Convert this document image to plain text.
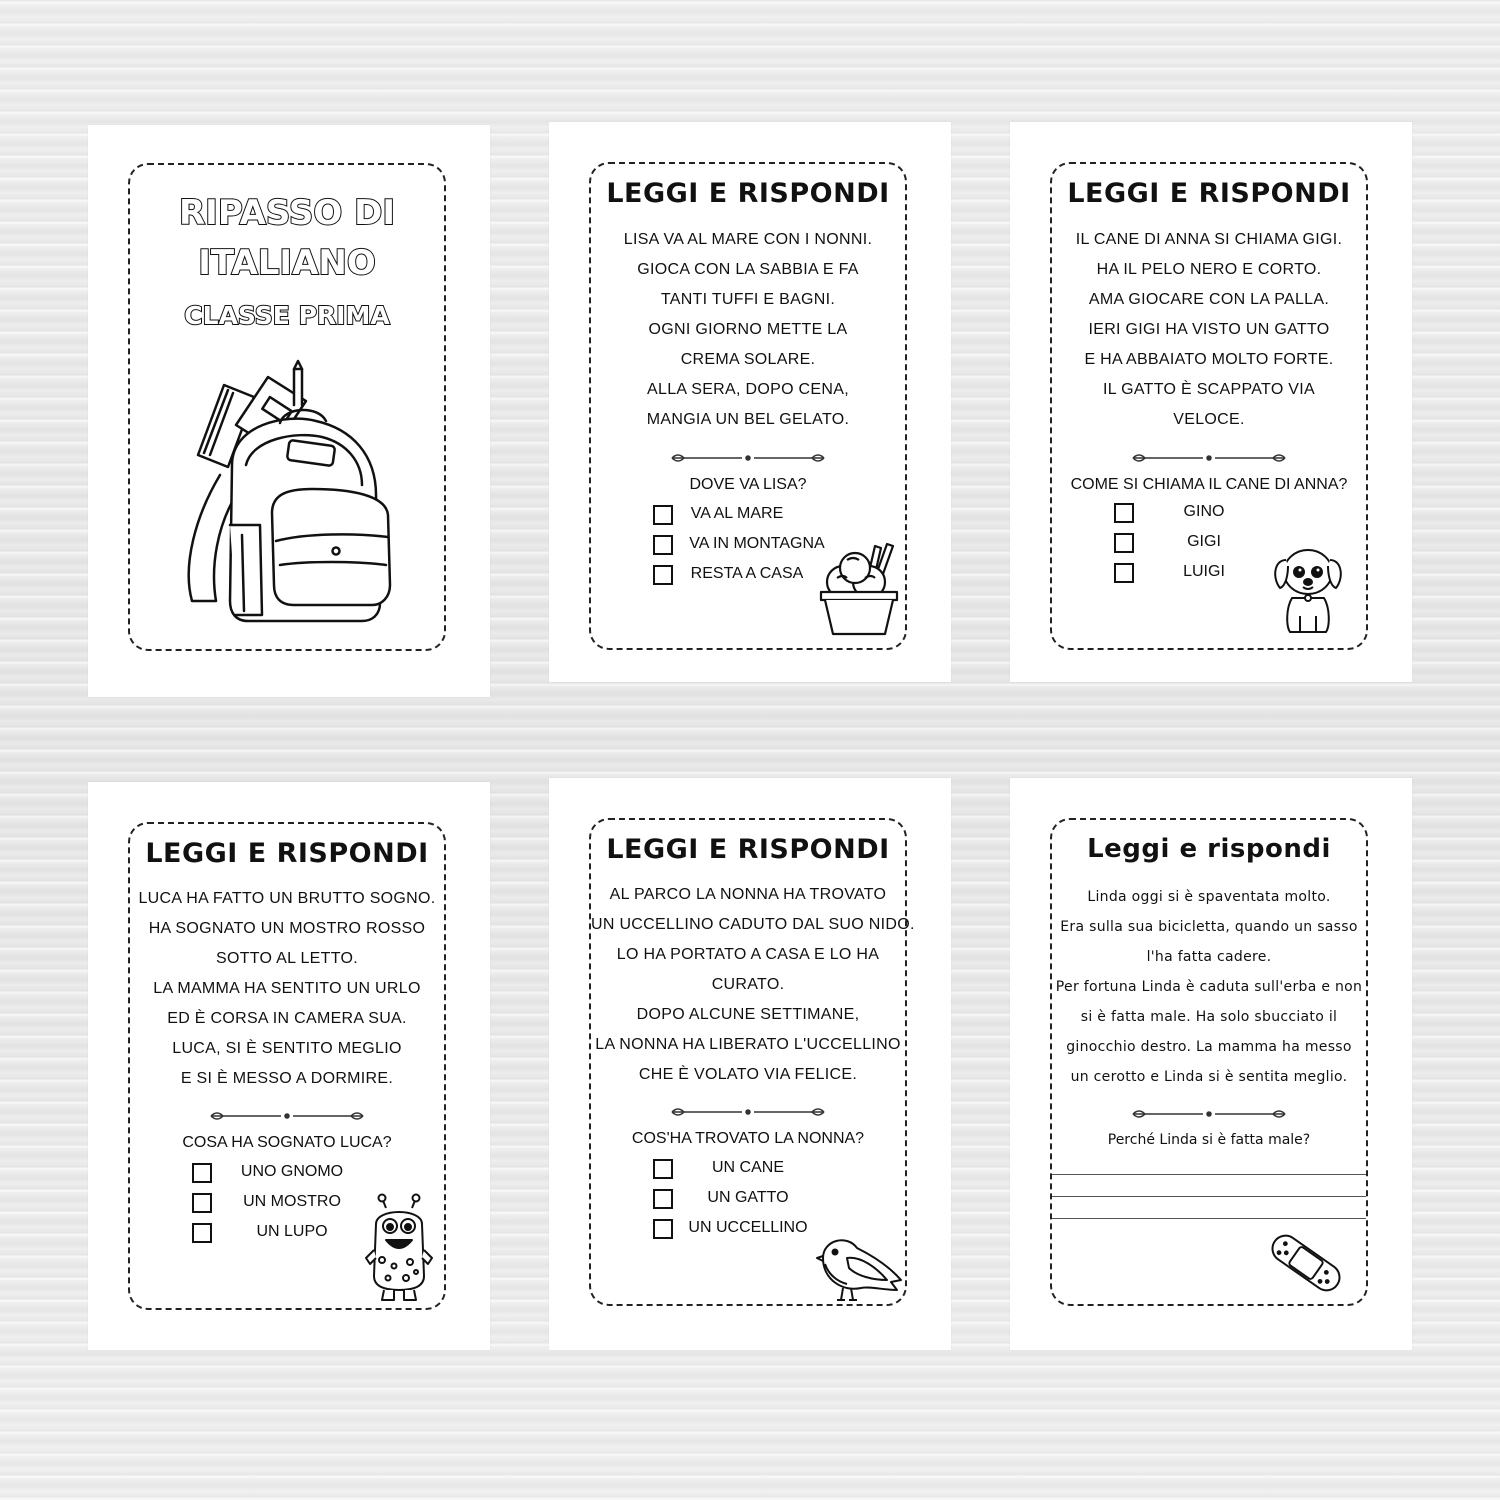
RIPASSO DI
ITALIANO
CLASSE PRIMA
LEGGI E RISPONDI
LISA VA AL MARE CON I NONNI.
GIOCA CON LA SABBIA E FA
TANTI TUFFI E BAGNI.
OGNI GIORNO METTE LA
CREMA SOLARE.
ALLA SERA, DOPO CENA,
MANGIA UN BEL GELATO.
DOVE VA LISA?
VA AL MARE
VA IN MONTAGNA
RESTA A CASA
LEGGI E RISPONDI
IL CANE DI ANNA SI CHIAMA GIGI.
HA IL PELO NERO E CORTO.
AMA GIOCARE CON LA PALLA.
IERI GIGI HA VISTO UN GATTO
E HA ABBAIATO MOLTO FORTE.
IL GATTO È SCAPPATO VIA
VELOCE.
COME SI CHIAMA IL CANE DI ANNA?
GINO
GIGI
LUIGI
LEGGI E RISPONDI
LUCA HA FATTO UN BRUTTO SOGNO.
HA SOGNATO UN MOSTRO ROSSO
SOTTO AL LETTO.
LA MAMMA HA SENTITO UN URLO
ED È CORSA IN CAMERA SUA.
LUCA, SI È SENTITO MEGLIO
E SI È MESSO A DORMIRE.
COSA HA SOGNATO LUCA?
UNO GNOMO
UN MOSTRO
UN LUPO
LEGGI E RISPONDI
AL PARCO LA NONNA HA TROVATO
UN UCCELLINO CADUTO DAL SUO NIDO.
LO HA PORTATO A CASA E LO HA
CURATO.
DOPO ALCUNE SETTIMANE,
LA NONNA HA LIBERATO L'UCCELLINO
CHE È VOLATO VIA FELICE.
COS'HA TROVATO LA NONNA?
UN CANE
UN GATTO
UN UCCELLINO
Leggi e rispondi
Linda oggi si è spaventata molto.
Era sulla sua bicicletta, quando un sasso
l'ha fatta cadere.
Per fortuna Linda è caduta sull'erba e non
si è fatta male. Ha solo sbucciato il
ginocchio destro. La mamma ha messo
un cerotto e Linda si è sentita meglio.
Perché Linda si è fatta male?
